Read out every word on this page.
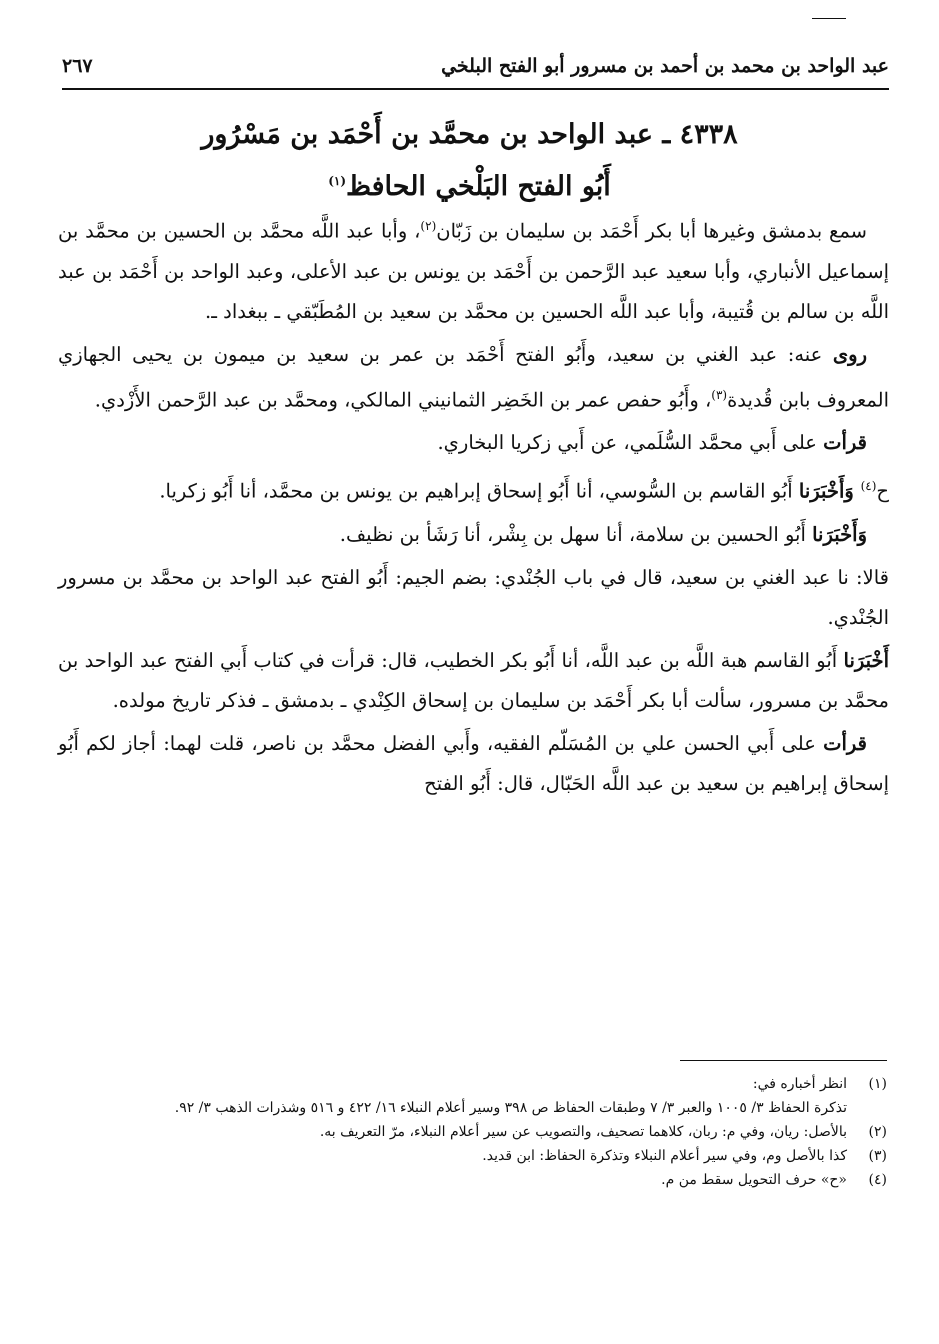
عبد الواحد بن محمد بن أحمد بن مسرور أبو الفتح البلخي
٢٦٧
٤٣٣٨ ـ عبد الواحد بن محمَّد بن أَحْمَد بن مَسْرُور
أَبُو الفتح البَلْخي الحافظ$^{(١)}$

سمع بدمشق وغيرها أبا بكر أَحْمَد بن سليمان بن زَبّان$^{(٢)}$، وأبا عبد اللَّه محمَّد بن الحسين بن محمَّد بن إسماعيل الأنباري، وأبا سعيد عبد الرَّحمن بن أَحْمَد بن يونس بن عبد الأعلى، وعبد الواحد بن أَحْمَد بن عبد اللَّه بن سالم بن قُتيبة، وأبا عبد اللَّه الحسين بن محمَّد بن سعيد بن المُطَبّقي ـ ببغداد ـ.

روى عنه: عبد الغني بن سعيد، وأَبُو الفتح أَحْمَد بن عمر بن سعيد بن ميمون بن يحيى الجهازي المعروف بابن قُديدة$^{(٣)}$، وأَبُو حفص عمر بن الخَضِر الثمانيني المالكي، ومحمَّد بن عبد الرَّحمن الأَزْدي.

قرأت على أَبي محمَّد السُّلَمي، عن أَبي زكريا البخاري.

ح$^{(٤)}$ وَأَخْبَرَنا أَبُو القاسم بن السُّوسي، أنا أَبُو إسحاق إبراهيم بن يونس بن محمَّد، أنا أَبُو زكريا.

وَأَخْبَرَنا أَبُو الحسين بن سلامة، أنا سهل بن بِشْر، أنا رَشَأ بن نظيف.

قالا: نا عبد الغني بن سعيد، قال في باب الجُنْدي: بضم الجيم: أَبُو الفتح عبد الواحد بن محمَّد بن مسرور الجُنْدي.

أَخْبَرَنا أَبُو القاسم هبة اللَّه بن عبد اللَّه، أنا أَبُو بكر الخطيب، قال: قرأت في كتاب أَبي الفتح عبد الواحد بن محمَّد بن مسرور، سألت أبا بكر أَحْمَد بن سليمان بن إسحاق الكِنْدي ـ بدمشق ـ فذكر تاريخ مولده.

قرأت على أَبي الحسن علي بن المُسَلّم الفقيه، وأَبي الفضل محمَّد بن ناصر، قلت لهما: أجاز لكم أَبُو إسحاق إبراهيم بن سعيد بن عبد اللَّه الحَبّال، قال: أَبُو الفتح

(١)
انظر أخباره في:
تذكرة الحفاظ ٣/ ١٠٠٥ والعبر ٣/ ٧ وطبقات الحفاظ ص ٣٩٨ وسير أعلام النبلاء ١٦/ ٤٢٢ و ٥١٦ وشذرات الذهب ٣/ ٩٢.
(٢)
بالأصل: ريان، وفي م: ربان، كلاهما تصحيف، والتصويب عن سير أعلام النبلاء، مرّ التعريف به.
(٣)
كذا بالأصل وم، وفي سير أعلام النبلاء وتذكرة الحفاظ: ابن قديد.
(٤)
«ح» حرف التحويل سقط من م.
